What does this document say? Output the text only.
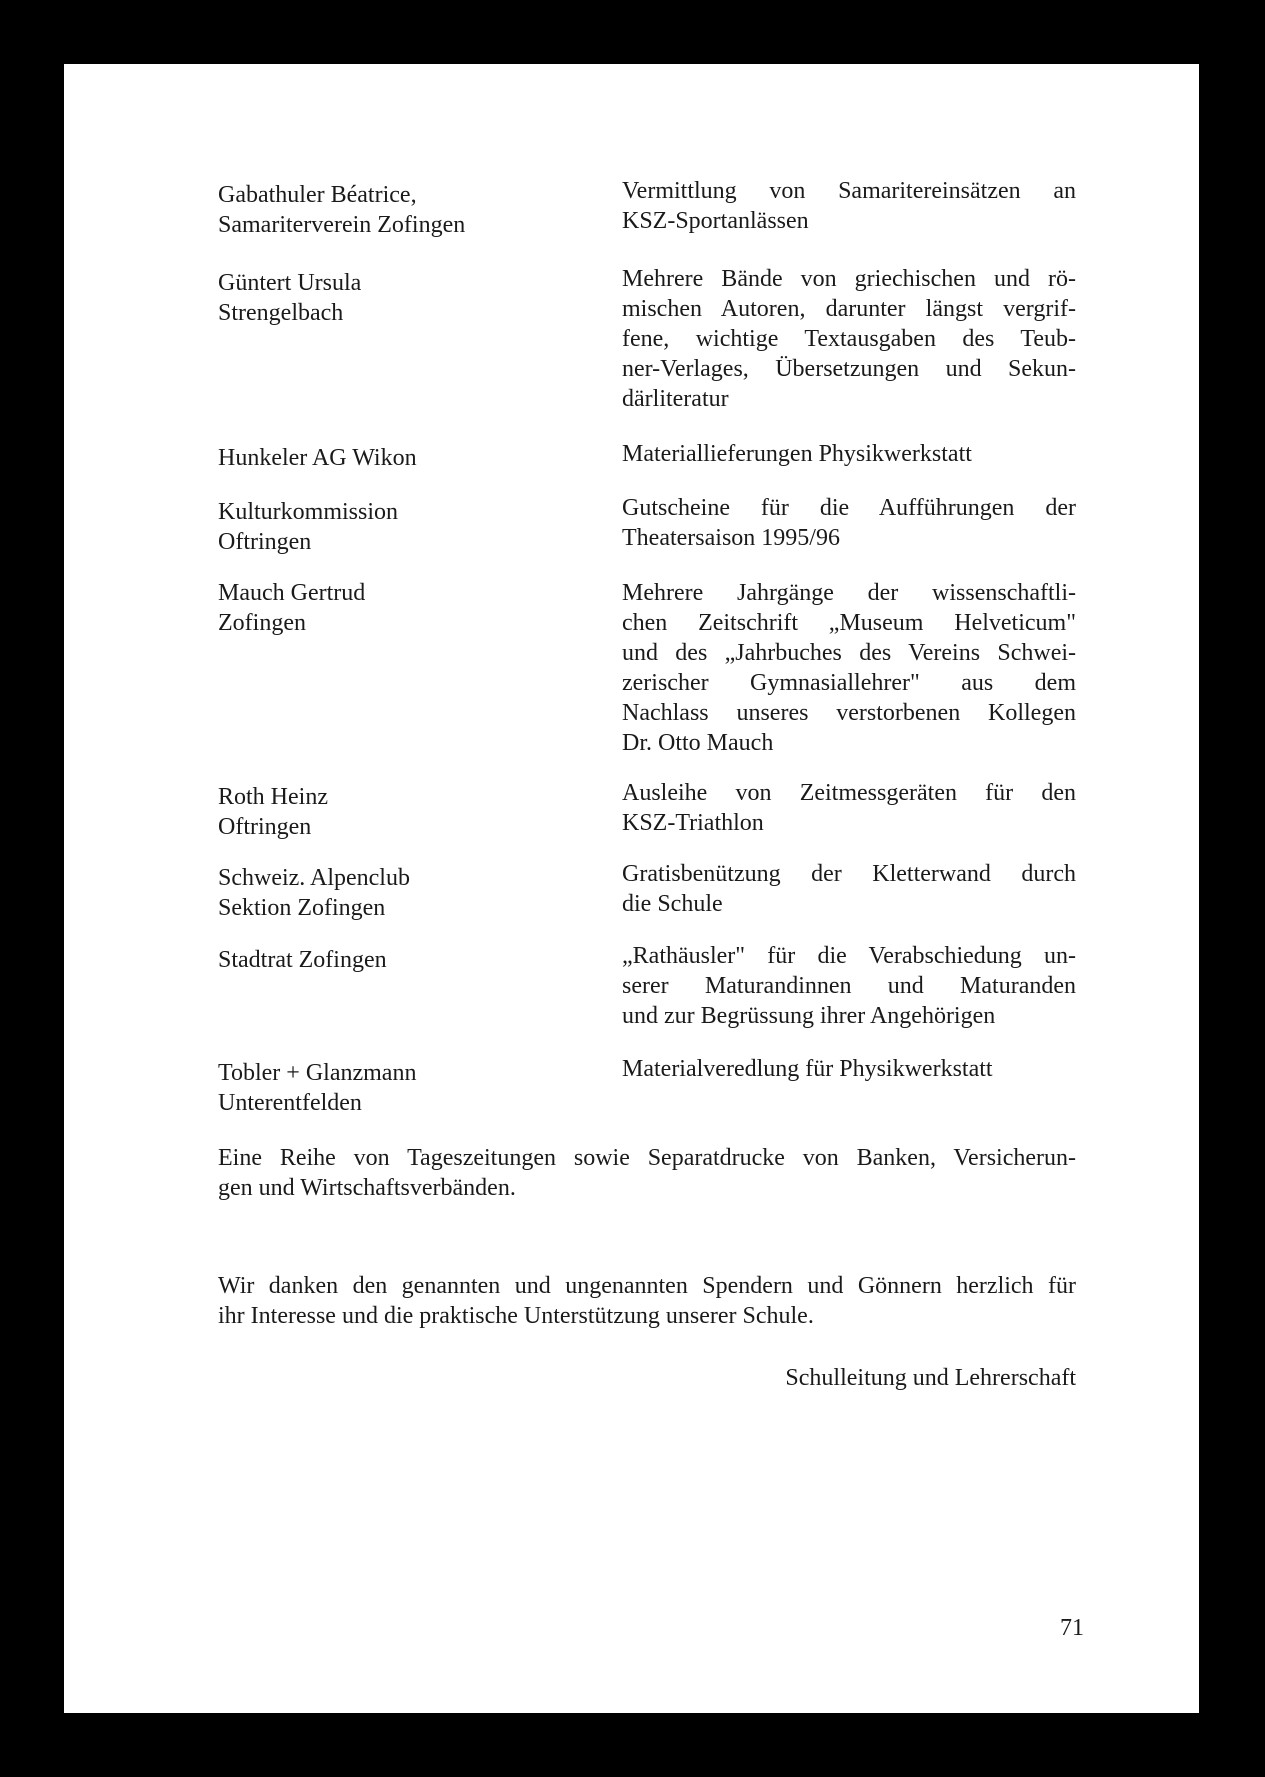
Gabathuler Béatrice,
Samariterverein Zofingen
Vermittlung von Samaritereinsätzen an
KSZ-Sportanlässen
Güntert Ursula
Strengelbach
Mehrere Bände von griechischen und rö-
mischen Autoren, darunter längst vergrif-
fene, wichtige Textausgaben des Teub-
ner-Verlages, Übersetzungen und Sekun-
därliteratur
Hunkeler AG Wikon	Materiallieferungen Physikwerkstatt
Kulturkommission
Oftringen
Gutscheine für die Aufführungen der
Theatersaison 1995/96
Mauch Gertrud
Zofingen
Mehrere Jahrgänge der wissenschaftli-
chen Zeitschrift „Museum Helveticum"
und des „Jahrbuches des Vereins Schwei-
zerischer Gymnasiallehrer" aus dem
Nachlass unseres verstorbenen Kollegen
Dr. Otto Mauch
Roth Heinz
Oftringen
Ausleihe von Zeitmessgeräten für den
KSZ-Triathlon
Schweiz. Alpenclub
Sektion Zofingen
Gratisbenützung der Kletterwand durch
die Schule
Stadtrat Zofingen	„Rathäusler" für die Verabschiedung un-
serer Maturandinnen und Maturanden
und zur Begrüssung ihrer Angehörigen
Tobler + Glanzmann
Unterentfelden
Materialveredlung für Physikwerkstatt
Eine Reihe von Tageszeitungen sowie Separatdrucke von Banken, Versicherun-
gen und Wirtschaftsverbänden.
Wir danken den genannten und ungenannten Spendern und Gönnern herzlich für
ihr Interesse und die praktische Unterstützung unserer Schule.
Schulleitung und Lehrerschaft
71
